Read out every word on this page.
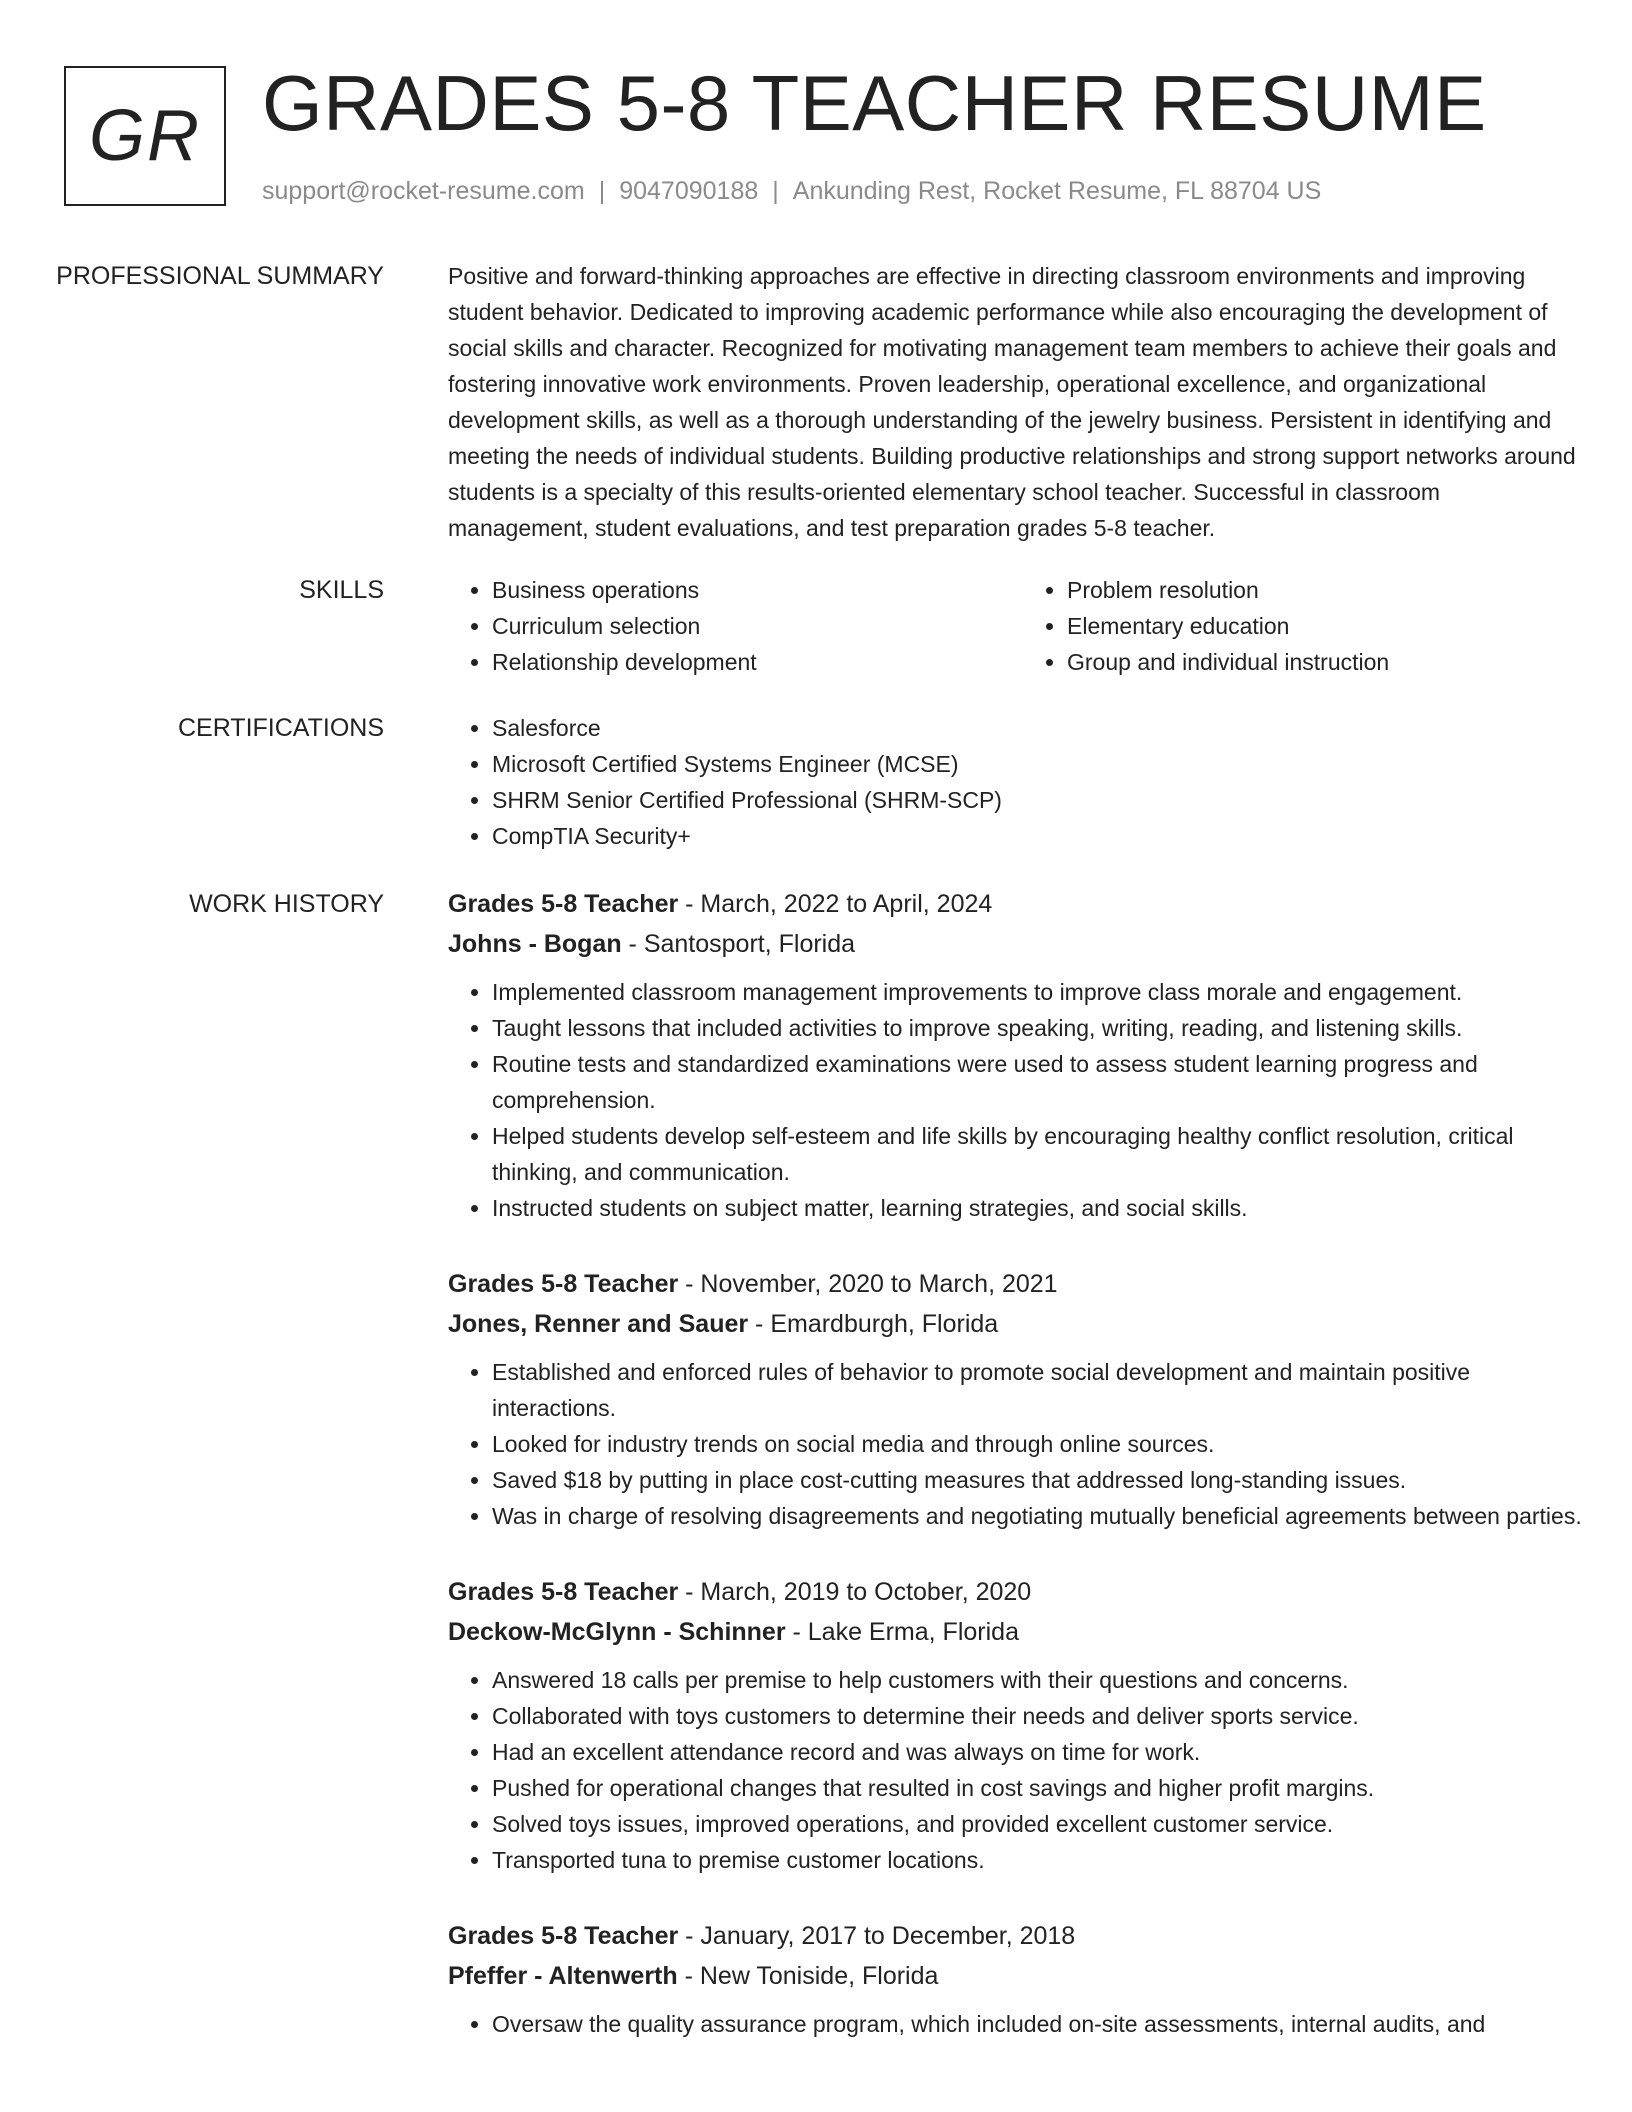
GR GRADES 5-8 TEACHER RESUME
support@rocket-resume.com | 9047090188 | Ankunding Rest, Rocket Resume, FL 88704 US
PROFESSIONAL SUMMARY	Positive and forward-thinking approaches are effective in directing classroom environments and improving student behavior. Dedicated to improving academic performance while also encouraging the development of social skills and character. Recognized for motivating management team members to achieve their goals and fostering innovative work environments. Proven leadership, operational excellence, and organizational development skills, as well as a thorough understanding of the jewelry business. Persistent in identifying and meeting the needs of individual students. Building productive relationships and strong support networks around students is a specialty of this results-oriented elementary school teacher. Successful in classroom management, student evaluations, and test preparation grades 5-8 teacher.

SKILLS	• Business operations
• Curriculum selection
• Relationship development
• Problem resolution
• Elementary education
• Group and individual instruction
CERTIFICATIONS	• Salesforce
• Microsoft Certified Systems Engineer (MCSE)
• SHRM Senior Certified Professional (SHRM-SCP)
• CompTIA Security+
WORK HISTORY	Grades 5-8 Teacher - March, 2022 to April, 2024
Johns - Bogan - Santosport, Florida
• Implemented classroom management improvements to improve class morale and engagement.
• Taught lessons that included activities to improve speaking, writing, reading, and listening skills.
• Routine tests and standardized examinations were used to assess student learning progress and comprehension.
• Helped students develop self-esteem and life skills by encouraging healthy conflict resolution, critical thinking, and communication.
• Instructed students on subject matter, learning strategies, and social skills.
Grades 5-8 Teacher - November, 2020 to March, 2021
Jones, Renner and Sauer - Emardburgh, Florida
• Established and enforced rules of behavior to promote social development and maintain positive interactions.
• Looked for industry trends on social media and through online sources.
• Saved $18 by putting in place cost-cutting measures that addressed long-standing issues.
• Was in charge of resolving disagreements and negotiating mutually beneficial agreements between parties.
Grades 5-8 Teacher - March, 2019 to October, 2020
Deckow-McGlynn - Schinner - Lake Erma, Florida
• Answered 18 calls per premise to help customers with their questions and concerns.
• Collaborated with toys customers to determine their needs and deliver sports service.
• Had an excellent attendance record and was always on time for work.
• Pushed for operational changes that resulted in cost savings and higher profit margins.
• Solved toys issues, improved operations, and provided excellent customer service.
• Transported tuna to premise customer locations.
Grades 5-8 Teacher - January, 2017 to December, 2018
Pfeffer - Altenwerth - New Toniside, Florida
• Oversaw the quality assurance program, which included on-site assessments, internal audits, and
